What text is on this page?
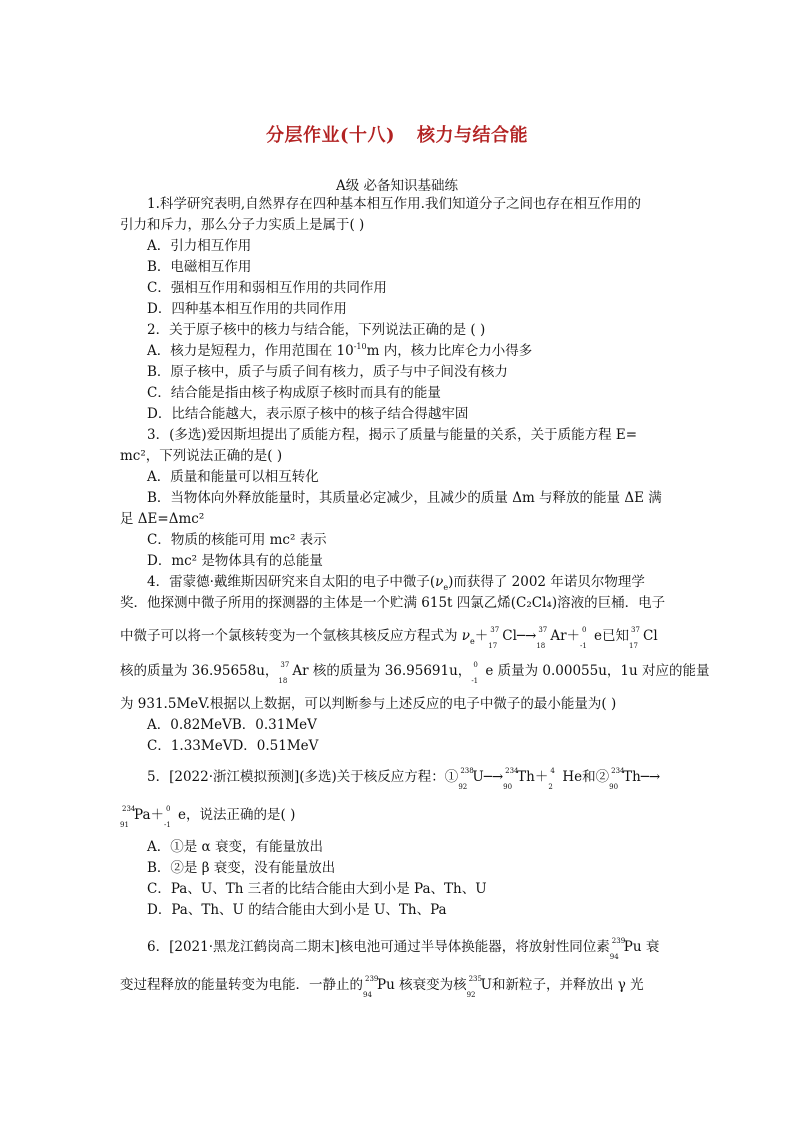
分层作业(十八) 核力与结合能
A级 必备知识基础练
1.科学研究表明,自然界存在四种基本相互作用.我们知道分子之间也存在相互作用的
引力和斥力，那么分子力实质上是属于( )
A．引力相互作用
B．电磁相互作用
C．强相互作用和弱相互作用的共同作用
D．四种基本相互作用的共同作用
2．关于原子核中的核力与结合能，下列说法正确的是 ( )
A．核力是短程力，作用范围在 $10^{-10}m$ 内，核力比库仑力小得多
B．原子核中，质子与质子间有核力，质子与中子间没有核力
C．结合能是指由核子构成原子核时而具有的能量
D．比结合能越大，表示原子核中的核子结合得越牢固
3．(多选)爱因斯坦提出了质能方程，揭示了质量与能量的关系，关于质能方程 E=
mc²，下列说法正确的是( )
A．质量和能量可以相互转化
B．当物体向外释放能量时，其质量必定减少，且减少的质量 Δm 与释放的能量 ΔE 满
足 ΔE=Δmc²
C．物质的核能可用 mc² 表示
D．mc² 是物体具有的总能量
4．雷蒙德·戴维斯因研究来自太阳的电子中微子$(\nu_e)$而获得了 2002 年诺贝尔物理学
奖．他探测中微子所用的探测器的主体是一个贮满 615t 四氯乙烯(C₂Cl₄)溶液的巨桶．电子
中微子可以将一个氯核转变为一个氩核其核反应方程式为 $\nu_e+ 37$
17
Cl─→ 37
18
Ar＋ 0
-1
e已知 37
17
Cl
核的质量为 36.95658u， 37
18
Ar 核的质量为 36.95691u， 0
-1
e 质量为 0.00055u，1u 对应的能量
为 931.5MeV.根据以上数据，可以判断参与上述反应的电子中微子的最小能量为( )
A．0.82MeVB．0.31MeV
C．1.33MeVD．0.51MeV
5．[2022·浙江模拟预测](多选)关于核反应方程：① 238
92
U─→ 234
90
Th＋ 4
2
He和② 234
90
Th─→
234
91
Pa＋ 0
-1
e，说法正确的是( )
A．①是 α 衰变，有能量放出
B．②是 β 衰变，没有能量放出
C．Pa、U、Th 三者的比结合能由大到小是 Pa、Th、U
D．Pa、Th、U 的结合能由大到小是 U、Th、Pa
6．[2021·黑龙江鹤岗高二期末]核电池可通过半导体换能器，将放射性同位素 239
94
Pu 衰
变过程释放的能量转变为电能．一静止的 239
94
Pu 核衰变为核 235
92
U和新粒子，并释放出 γ 光
